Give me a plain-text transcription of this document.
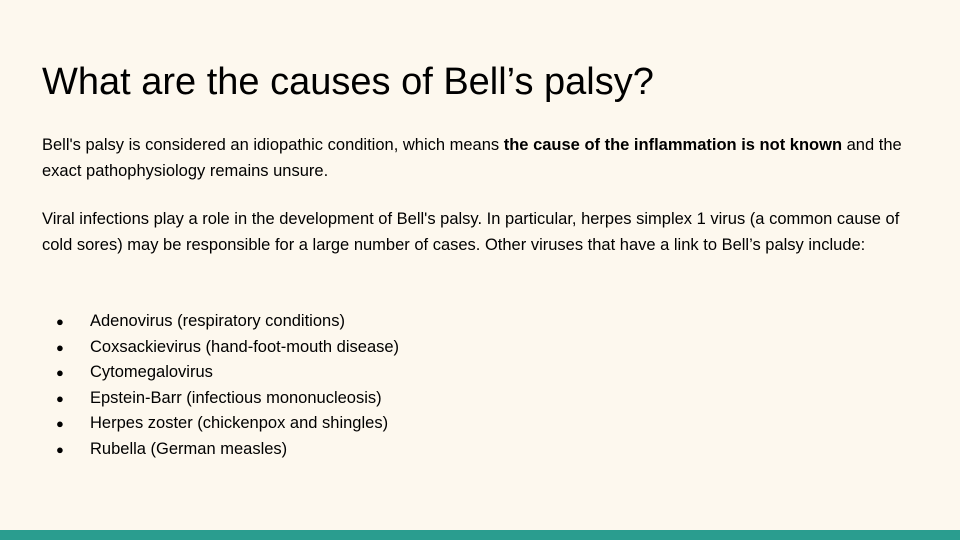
What are the causes of Bell’s palsy?

Bell's palsy is considered an idiopathic condition, which means the cause of the inflammation is not known and the exact pathophysiology remains unsure.

Viral infections play a role in the development of Bell's palsy. In particular, herpes simplex 1 virus (a common cause of cold sores) may be responsible for a large number of cases. Other viruses that have a link to Bell’s palsy include:

● Adenovirus (respiratory conditions)
● Coxsackievirus (hand-foot-mouth disease)
● Cytomegalovirus
● Epstein-Barr (infectious mononucleosis)
● Herpes zoster (chickenpox and shingles)
● Rubella (German measles)
